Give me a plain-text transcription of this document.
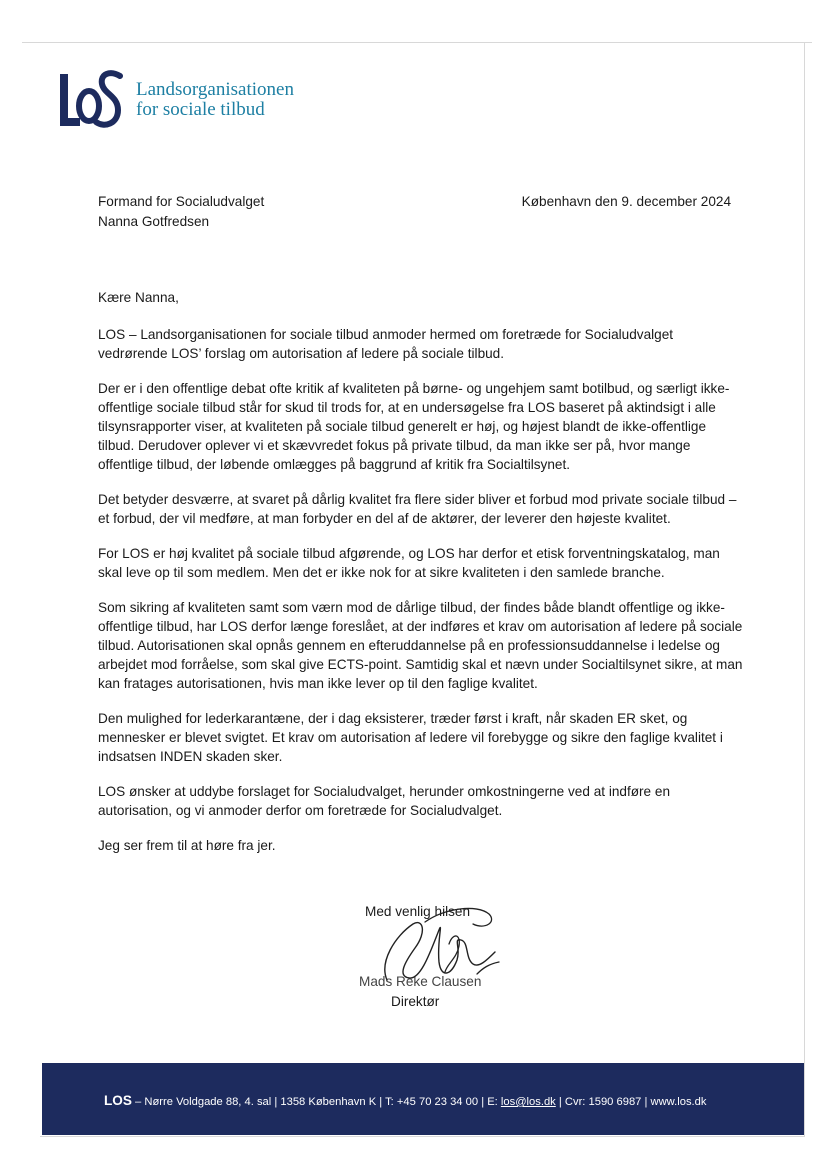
Landsorganisationen
for sociale tilbud
Formand for Socialudvalget
Nanna Gotfredsen
København den 9. december 2024

Kære Nanna,

LOS – Landsorganisationen for sociale tilbud anmoder hermed om foretræde for Socialudvalget vedrørende LOS’ forslag om autorisation af ledere på sociale tilbud.

Der er i den offentlige debat ofte kritik af kvaliteten på børne- og ungehjem samt botilbud, og særligt ikke-offentlige sociale tilbud står for skud til trods for, at en undersøgelse fra LOS baseret på aktindsigt i alle tilsynsrapporter viser, at kvaliteten på sociale tilbud generelt er høj, og højest blandt de ikke-offentlige tilbud. Derudover oplever vi et skævvredet fokus på private tilbud, da man ikke ser på, hvor mange offentlige tilbud, der løbende omlægges på baggrund af kritik fra Socialtilsynet.

Det betyder desværre, at svaret på dårlig kvalitet fra flere sider bliver et forbud mod private sociale tilbud – et forbud, der vil medføre, at man forbyder en del af de aktører, der leverer den højeste kvalitet.

For LOS er høj kvalitet på sociale tilbud afgørende, og LOS har derfor et etisk forventningskatalog, man skal leve op til som medlem. Men det er ikke nok for at sikre kvaliteten i den samlede branche.

Som sikring af kvaliteten samt som værn mod de dårlige tilbud, der findes både blandt offentlige og ikke-offentlige tilbud, har LOS derfor længe foreslået, at der indføres et krav om autorisation af ledere på sociale tilbud. Autorisationen skal opnås gennem en efteruddannelse på en professionsuddannelse i ledelse og arbejdet mod forråelse, som skal give ECTS-point. Samtidig skal et nævn under Socialtilsynet sikre, at man kan fratages autorisationen, hvis man ikke lever op til den faglige kvalitet.

Den mulighed for lederkarantæne, der i dag eksisterer, træder først i kraft, når skaden ER sket, og mennesker er blevet svigtet. Et krav om autorisation af ledere vil forebygge og sikre den faglige kvalitet i indsatsen INDEN skaden sker.

LOS ønsker at uddybe forslaget for Socialudvalget, herunder omkostningerne ved at indføre en autorisation, og vi anmoder derfor om foretræde for Socialudvalget.

Jeg ser frem til at høre fra jer.

Med venlig hilsen
Mads Reke Clausen
Direktør
LOS – Nørre Voldgade 88, 4. sal | 1358 København K | T: +45 70 23 34 00 | E: los@los.dk | Cvr: 1590 6987 | www.los.dk
